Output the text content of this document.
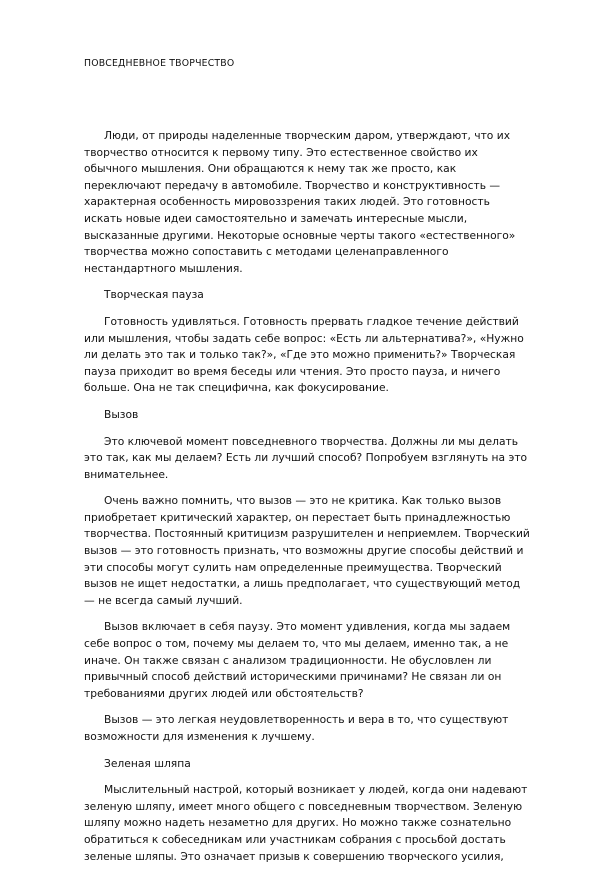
ПОВСЕДНЕВНОЕ ТВОРЧЕСТВО

Люди, от природы наделенные творческим даром, утверждают, что их творчество относится к первому типу. Это естественное свойство их обычного мышления. Они обращаются к нему так же просто, как переключают передачу в автомобиле. Творчество и конструктивность — характерная особенность мировоззрения таких людей. Это готовность искать новые идеи самостоятельно и замечать интересные мысли, высказанные другими. Некоторые основные черты такого «естественного» творчества можно сопоставить с методами целенаправленного нестандартного мышления.

Творческая пауза

Готовность удивляться. Готовность прервать гладкое течение действий или мышления, чтобы задать себе вопрос: «Есть ли альтернатива?», «Нужно ли делать это так и только так?», «Где это можно применить?» Творческая пауза приходит во время беседы или чтения. Это просто пауза, и ничего больше. Она не так специфична, как фокусирование.

Вызов

Это ключевой момент повседневного творчества. Должны ли мы делать это так, как мы делаем? Есть ли лучший способ? Попробуем взглянуть на это внимательнее.

Очень важно помнить, что вызов — это не критика. Как только вызов приобретает критический характер, он перестает быть принадлежностью творчества. Постоянный критицизм разрушителен и неприемлем. Творческий вызов — это готовность признать, что возможны другие способы действий и эти способы могут сулить нам определенные преимущества. Творческий вызов не ищет недостатки, а лишь предполагает, что существующий метод — не всегда самый лучший.

Вызов включает в себя паузу. Это момент удивления, когда мы задаем себе вопрос о том, почему мы делаем то, что мы делаем, именно так, а не иначе. Он также связан с анализом традиционности. Не обусловлен ли привычный способ действий историческими причинами? Не связан ли он требованиями других людей или обстоятельств?

Вызов — это легкая неудовлетворенность и вера в то, что существуют возможности для изменения к лучшему.

Зеленая шляпа

Мыслительный настрой, который возникает у людей, когда они надевают зеленую шляпу, имеет много общего с повседневным творчеством. Зеленую шляпу можно надеть незаметно для других. Но можно также сознательно обратиться к собеседникам или участникам собрания с просьбой достать зеленые шляпы. Это означает призыв к совершению творческого усилия,
